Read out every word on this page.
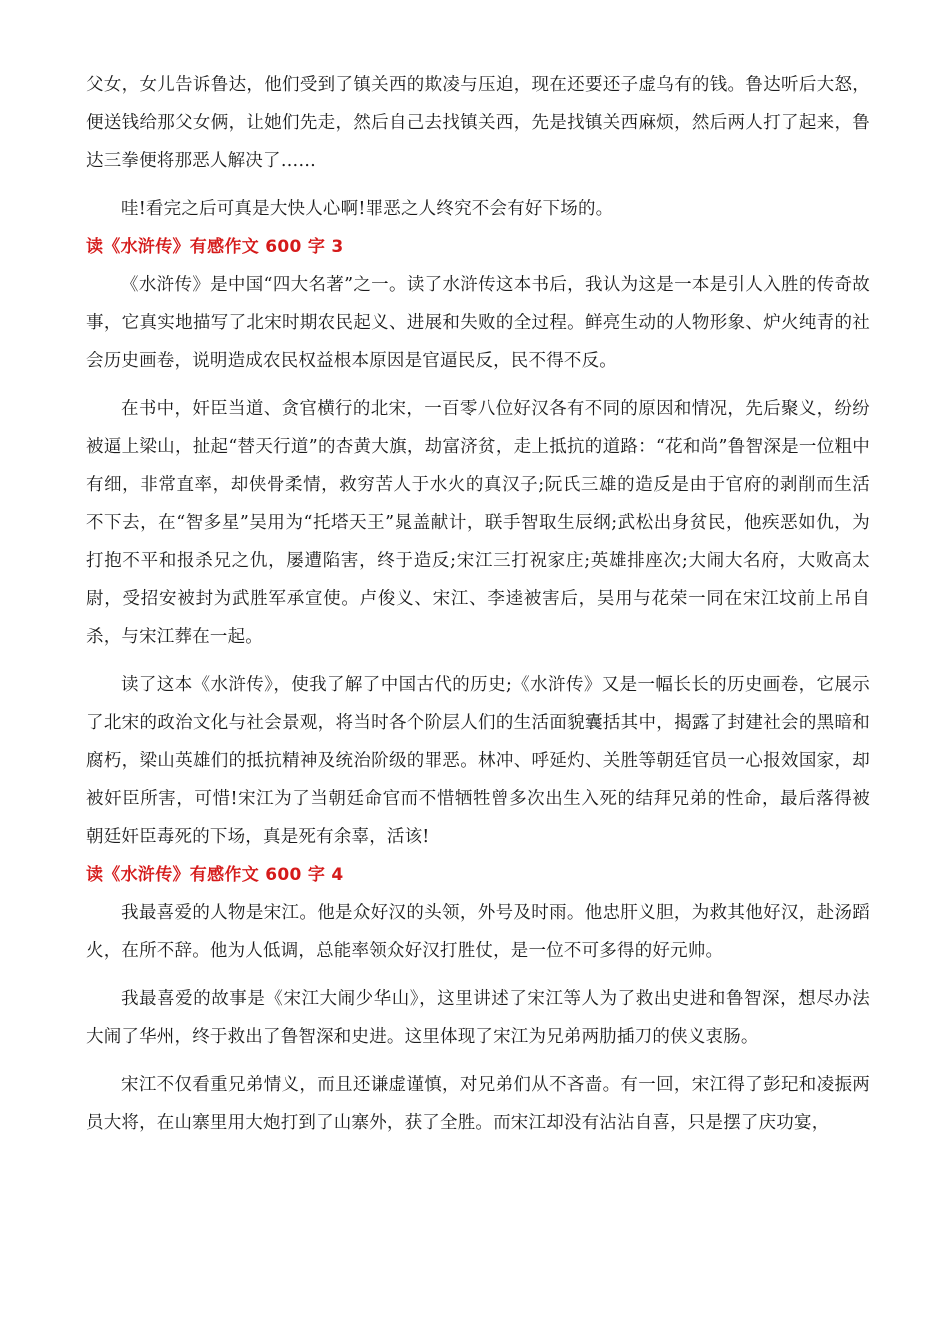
父女，女儿告诉鲁达，他们受到了镇关西的欺凌与压迫，现在还要还子虚乌有的钱。鲁达听后大怒，便送钱给那父女俩，让她们先走，然后自己去找镇关西，先是找镇关西麻烦，然后两人打了起来，鲁达三拳便将那恶人解决了……

哇!看完之后可真是大快人心啊!罪恶之人终究不会有好下场的。

读《水浒传》有感作文 600 字 3

《水浒传》是中国“四大名著”之一。读了水浒传这本书后，我认为这是一本是引人入胜的传奇故事，它真实地描写了北宋时期农民起义、进展和失败的全过程。鲜亮生动的人物形象、炉火纯青的社会历史画卷，说明造成农民权益根本原因是官逼民反，民不得不反。

在书中，奸臣当道、贪官横行的北宋，一百零八位好汉各有不同的原因和情况，先后聚义，纷纷被逼上梁山，扯起“替天行道”的杏黄大旗，劫富济贫，走上抵抗的道路：“花和尚”鲁智深是一位粗中有细，非常直率，却侠骨柔情，救穷苦人于水火的真汉子;阮氏三雄的造反是由于官府的剥削而生活不下去，在“智多星”吴用为“托塔天王”晁盖献计，联手智取生辰纲;武松出身贫民，他疾恶如仇，为打抱不平和报杀兄之仇，屡遭陷害，终于造反;宋江三打祝家庄;英雄排座次;大闹大名府，大败高太尉，受招安被封为武胜军承宣使。卢俊义、宋江、李逵被害后，吴用与花荣一同在宋江坟前上吊自杀，与宋江葬在一起。

读了这本《水浒传》，使我了解了中国古代的历史;《水浒传》又是一幅长长的历史画卷，它展示了北宋的政治文化与社会景观，将当时各个阶层人们的生活面貌囊括其中，揭露了封建社会的黑暗和腐朽，梁山英雄们的抵抗精神及统治阶级的罪恶。林冲、呼延灼、关胜等朝廷官员一心报效国家，却被奸臣所害，可惜!宋江为了当朝廷命官而不惜牺牲曾多次出生入死的结拜兄弟的性命，最后落得被朝廷奸臣毒死的下场，真是死有余辜，活该!

读《水浒传》有感作文 600 字 4

我最喜爱的人物是宋江。他是众好汉的头领，外号及时雨。他忠肝义胆，为救其他好汉，赴汤蹈火，在所不辞。他为人低调，总能率领众好汉打胜仗，是一位不可多得的好元帅。

我最喜爱的故事是《宋江大闹少华山》，这里讲述了宋江等人为了救出史进和鲁智深，想尽办法大闹了华州，终于救出了鲁智深和史进。这里体现了宋江为兄弟两肋插刀的侠义衷肠。

宋江不仅看重兄弟情义，而且还谦虚谨慎，对兄弟们从不吝啬。有一回，宋江得了彭玘和凌振两员大将，在山寨里用大炮打到了山寨外，获了全胜。而宋江却没有沾沾自喜，只是摆了庆功宴，
